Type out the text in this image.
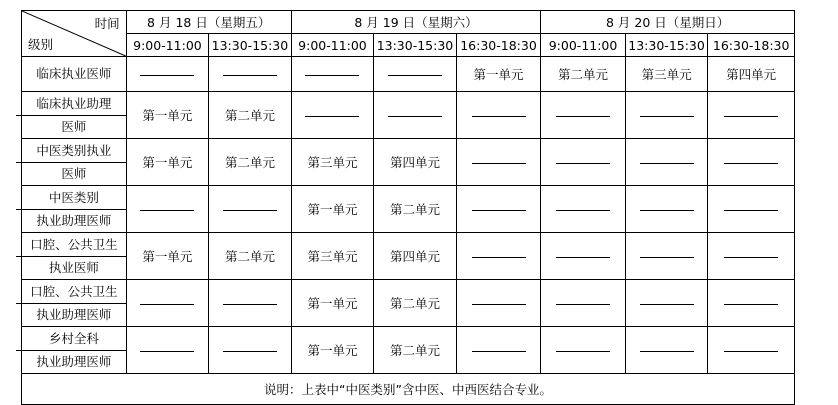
时间
级别	8 月 18 日（星期五）		8 月 19 日（星期六）			8 月 20 日（星期日）		
	9:00-11:00	13:30-15:30	9:00-11:00	13:30-15:30	16:30-18:30	9:00-11:00	13:30-15:30	16:30-18:30

临床执业医师					第一单元	第二单元	第三单元	第四单元

临床执业助理
医师	第一单元	第二单元						

中医类别执业
医师	第一单元	第二单元	第三单元	第四单元				

中医类别
执业助理医师			第一单元	第二单元				

口腔、公共卫生
执业医师	第一单元	第二单元	第三单元	第四单元				

口腔、公共卫生
执业助理医师			第一单元	第二单元				

乡村全科
执业助理医师			第一单元	第二单元				
说明：上表中“中医类别”含中医、中西医结合专业。								
